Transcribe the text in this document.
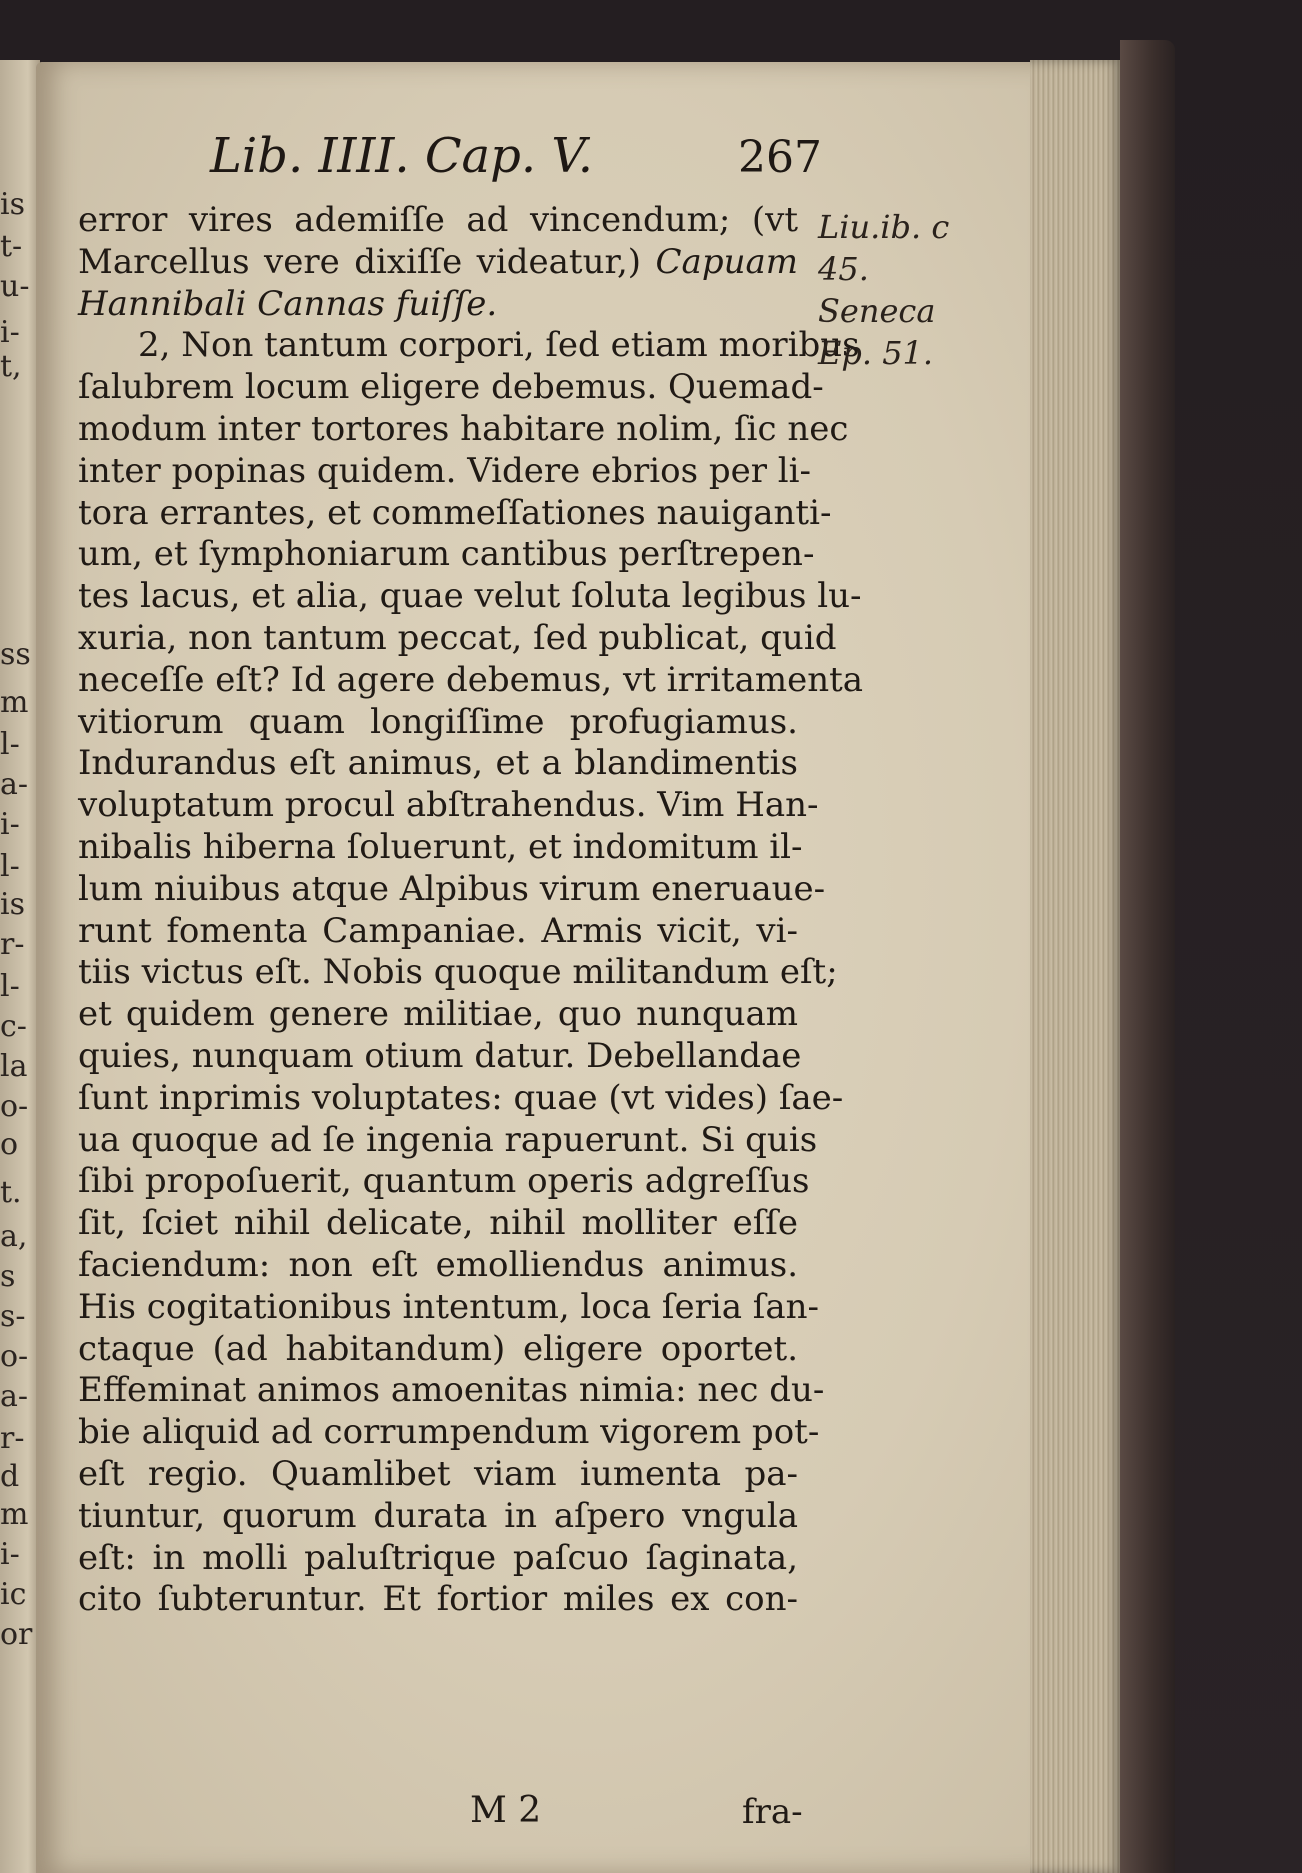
is
t-
u-
i-
t,
ss
m
l-
a-
i-
l-
is
r-
l-
c-
la
o-
o
t.
a,
s
s-
o-
a-
r-
d
m
i-
ic
or
Lib. IIII. Cap. V.	267
error vires ademiſſe ad vincendum; (vt
Marcellus vere dixiſſe videatur,) Capuam
Hannibali Cannas fuiſſe.
2, Non tantum corpori, ſed etiam moribus
ſalubrem locum eligere debemus. Quemad-
modum inter tortores habitare nolim, ſic nec
inter popinas quidem. Videre ebrios per li-
tora errantes, et commeſſationes nauiganti-
um, et ſymphoniarum cantibus perſtrepen-
tes lacus, et alia, quae velut ſoluta legibus lu-
xuria, non tantum peccat, ſed publicat, quid
neceſſe eſt? Id agere debemus, vt irritamenta
vitiorum quam longiſſime profugiamus.
Indurandus eſt animus, et a blandimentis
voluptatum procul abſtrahendus. Vim Han-
nibalis hiberna ſoluerunt, et indomitum il-
lum niuibus atque Alpibus virum eneruaue-
runt fomenta Campaniae. Armis vicit, vi-
tiis victus eſt. Nobis quoque militandum eſt;
et quidem genere militiae, quo nunquam
quies, nunquam otium datur. Debellandae
ſunt inprimis voluptates: quae (vt vides) ſae-
ua quoque ad ſe ingenia rapuerunt. Si quis
ſibi propoſuerit, quantum operis adgreſſus
ſit, ſciet nihil delicate, nihil molliter eſſe
faciendum: non eſt emolliendus animus.
His cogitationibus intentum, loca ſeria ſan-
ctaque (ad habitandum) eligere oportet.
Effeminat animos amoenitas nimia: nec du-
bie aliquid ad corrumpendum vigorem pot-
eſt regio. Quamlibet viam iumenta pa-
tiuntur, quorum durata in aſpero vngula
eſt: in molli paluſtrique paſcuo ſaginata,
cito ſubteruntur. Et fortior miles ex con-
Liu.ib. c
45.
Seneca
Ep. 51.
M 2	fra-
